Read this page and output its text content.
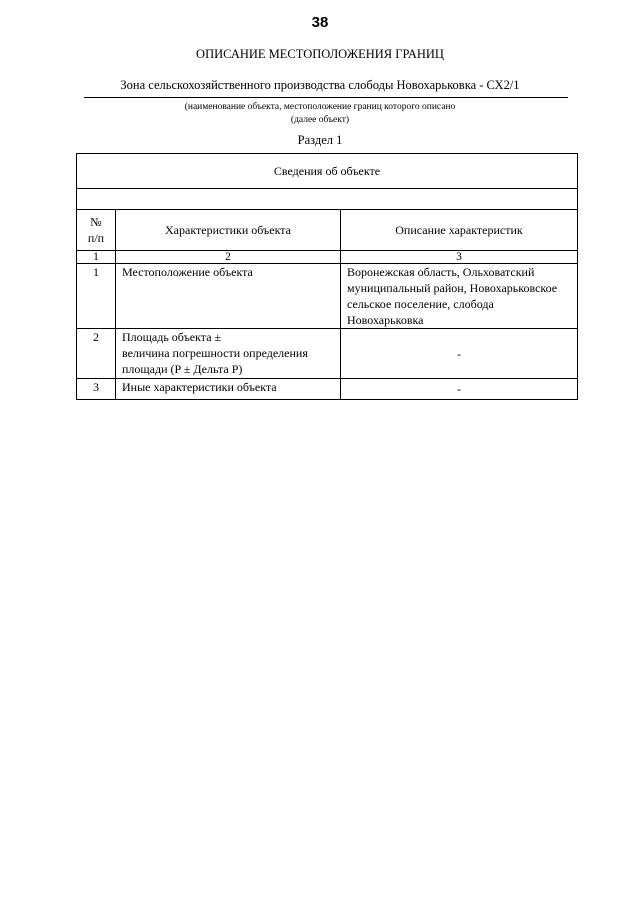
38
ОПИСАНИЕ МЕСТОПОЛОЖЕНИЯ ГРАНИЦ
Зона сельскохозяйственного производства слободы Новохарьковка - СХ2/1
(наименование объекта, местоположение границ которого описано
(далее объект)
Раздел 1
Сведения об объекте		

№
п/п	Характеристики объекта	Описание характеристик
1	2	3
1	Местоположение объекта	Воронежская область, Ольховатский муниципальный район, Новохарьковское сельское поселение, слобода Новохарьковка
2	Площадь объекта ±
величина погрешности определения площади (P ± Дельта P)	-
3	Иные характеристики объекта	-
